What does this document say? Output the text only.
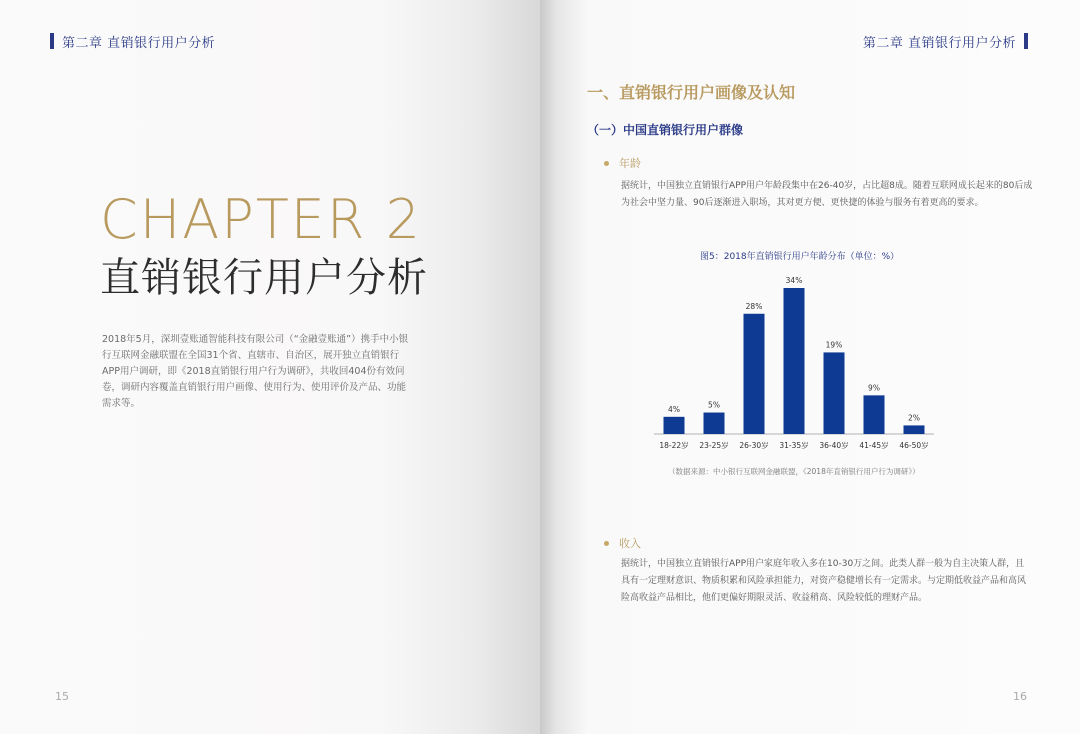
第二章 直销银行用户分析
CHAPTER 2
直销银行用户分析
2018年5月，深圳壹账通智能科技有限公司（“金融壹账通”）携手中小银行互联网金融联盟在全国31个省、直辖市、自治区，展开独立直销银行APP用户调研，即《2018直销银行用户行为调研》，共收回404份有效问卷，调研内容覆盖直销银行用户画像、使用行为、使用评价及产品、功能需求等。
15
第二章 直销银行用户分析
一、直销银行用户画像及认知
（一）中国直销银行用户群像
年龄
据统计，中国独立直销银行APP用户年龄段集中在26-40岁，占比超8成。随着互联网成长起来的80后成为社会中坚力量、90后逐渐进入职场，其对更方便、更快捷的体验与服务有着更高的要求。
图5：2018年直销银行用户年龄分布（单位：%）
4%
18-22岁
5%
23-25岁
28%
26-30岁
34%
31-35岁
19%
36-40岁
9%
41-45岁
2%
46-50岁
（数据来源：中小银行互联网金融联盟，《2018年直销银行用户行为调研》）
收入
据统计，中国独立直销银行APP用户家庭年收入多在10-30万之间。此类人群一般为自主决策人群，且具有一定理财意识、物质积累和风险承担能力，对资产稳健增长有一定需求。与定期低收益产品和高风险高收益产品相比，他们更偏好期限灵活、收益稍高、风险较低的理财产品。
16
